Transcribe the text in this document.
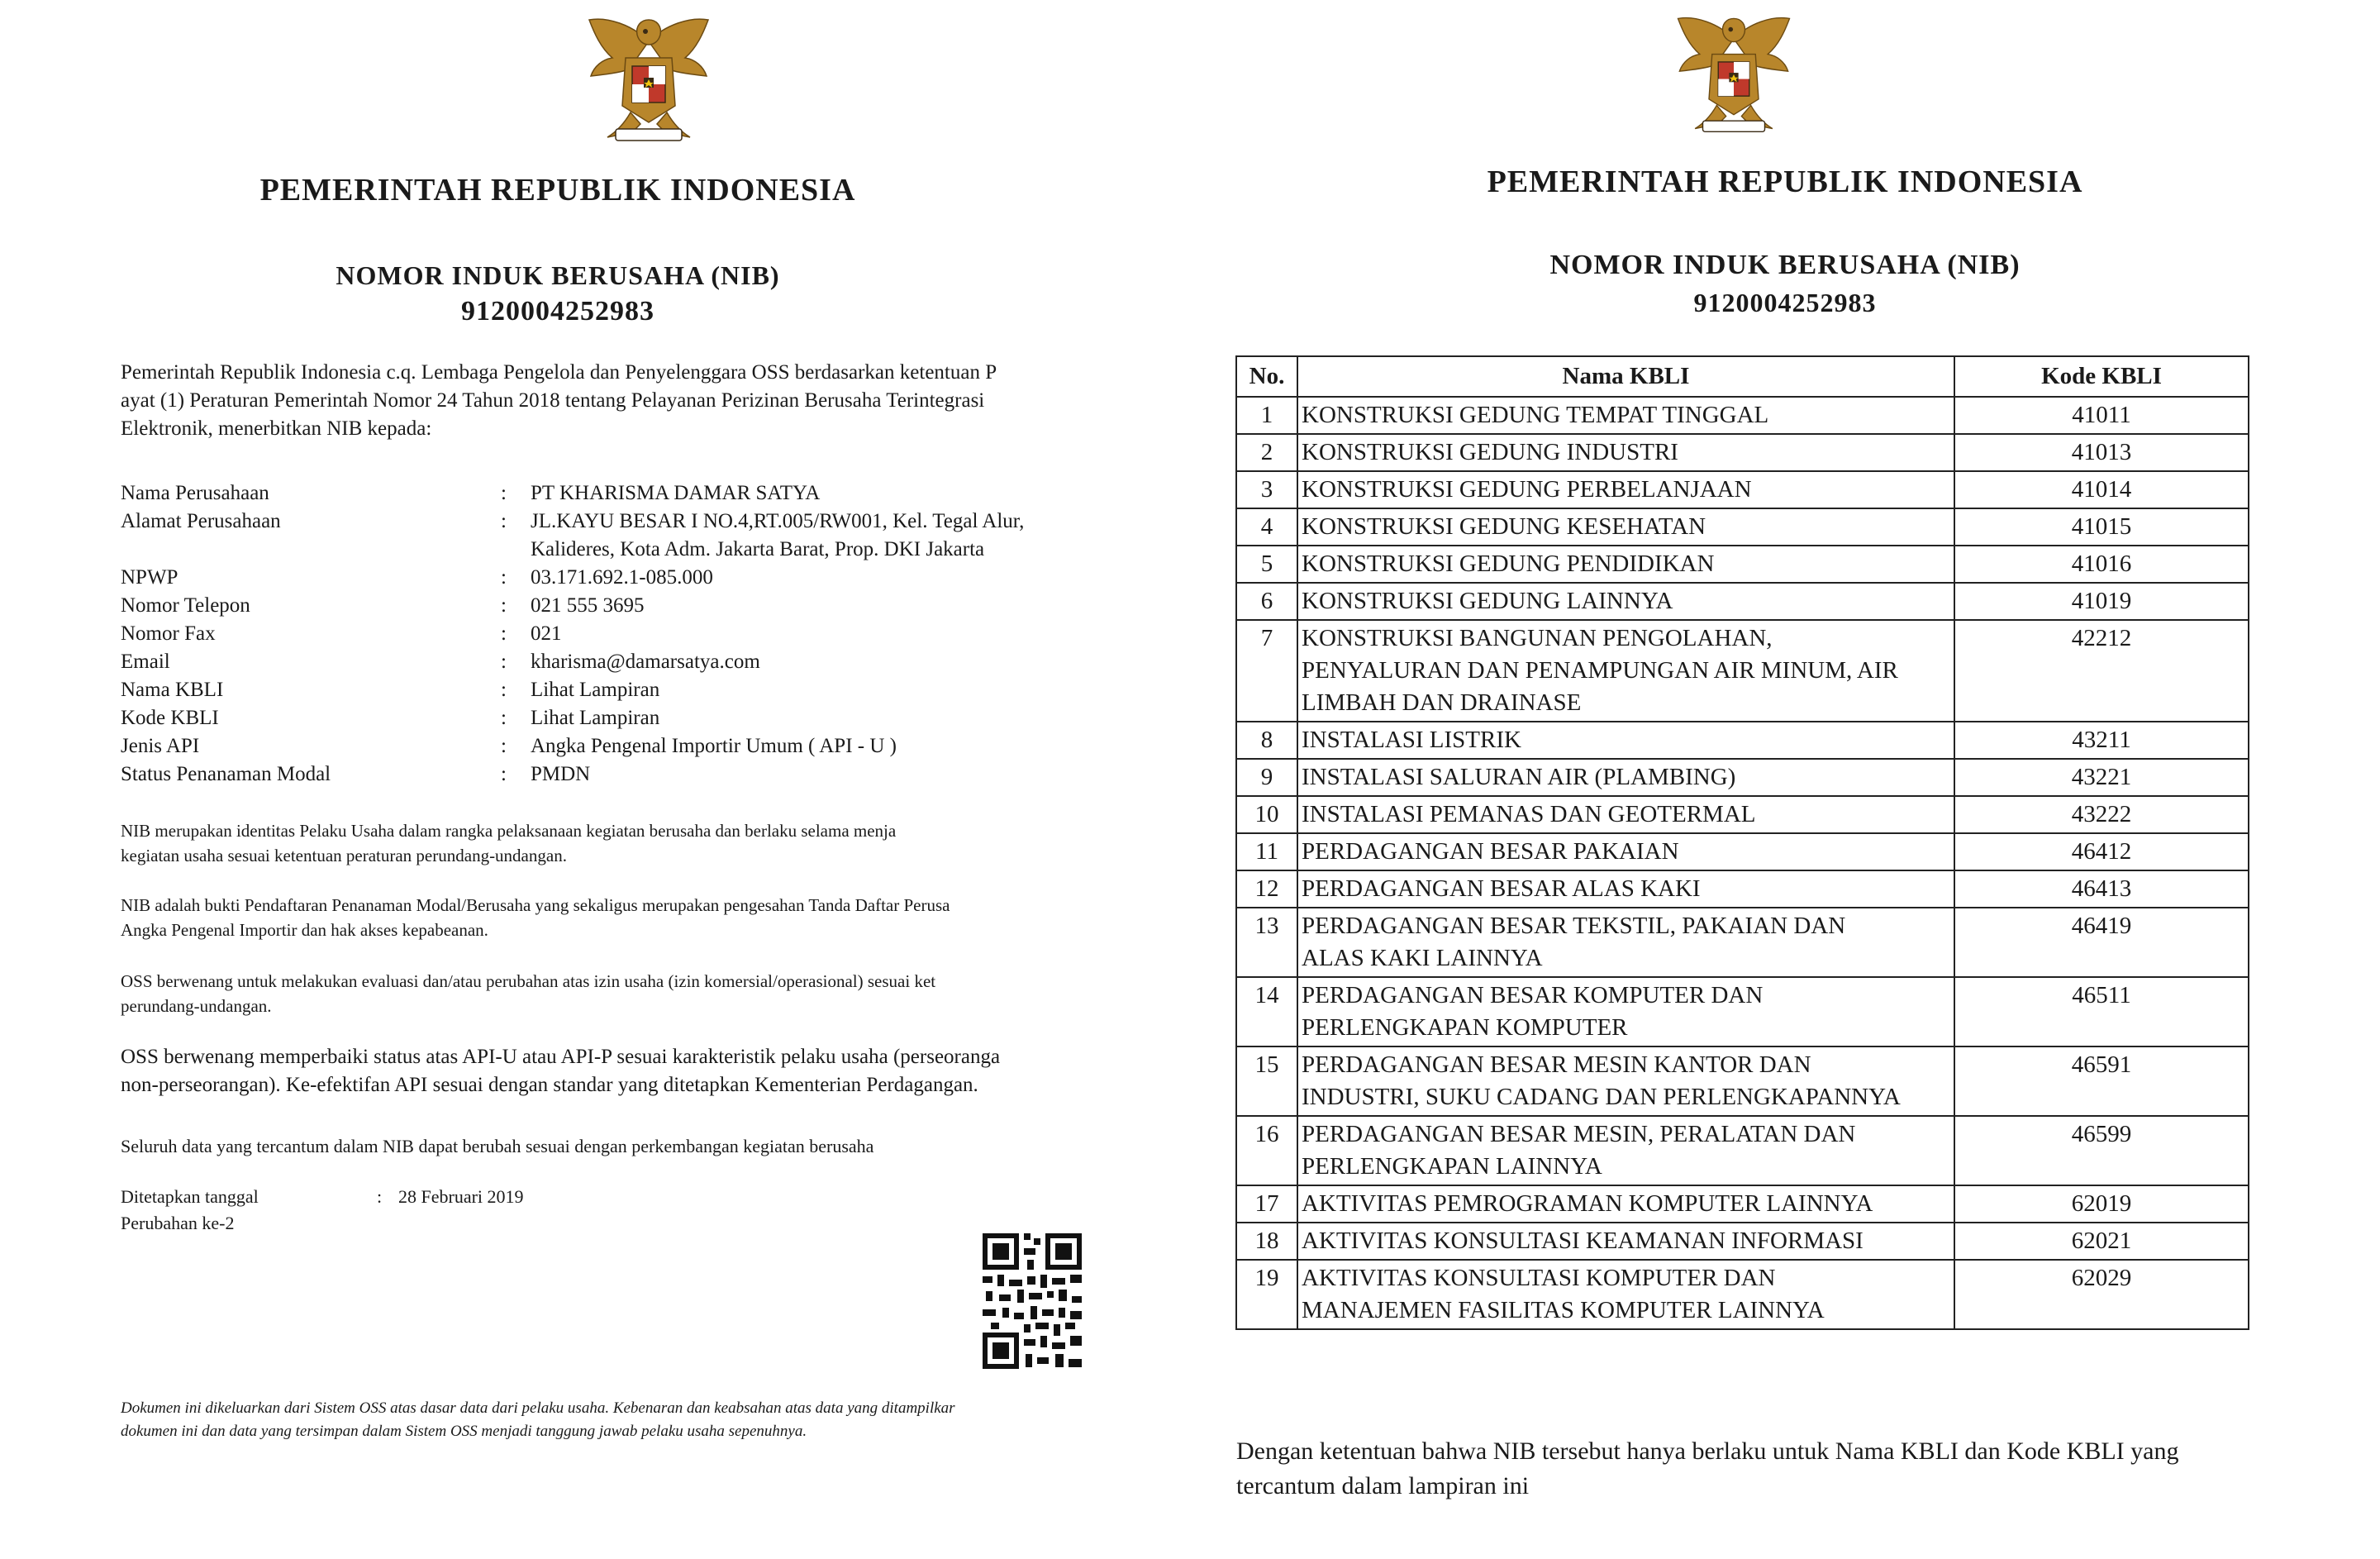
PEMERINTAH REPUBLIK INDONESIA
NOMOR INDUK BERUSAHA (NIB)
9120004252983

Pemerintah Republik Indonesia c.q. Lembaga Pengelola dan Penyelenggara OSS berdasarkan ketentuan P

ayat (1) Peraturan Pemerintah Nomor 24 Tahun 2018 tentang Pelayanan Perizinan Berusaha Terintegrasi

Elektronik, menerbitkan NIB kepada:

Nama Perusahaan	:	PT KHARISMA DAMAR SATYA
Alamat Perusahaan	:	JL.KAYU BESAR I NO.4,RT.005/RW001, Kel. Tegal Alur,
Kalideres, Kota Adm. Jakarta Barat, Prop. DKI Jakarta
NPWP	:	03.171.692.1-085.000
Nomor Telepon	:	021 555 3695
Nomor Fax	:	021
Email	:	kharisma@damarsatya.com
Nama KBLI	:	Lihat Lampiran
Kode KBLI	:	Lihat Lampiran
Jenis API	:	Angka Pengenal Importir Umum ( API - U )
Status Penanaman Modal	:	PMDN

NIB merupakan identitas Pelaku Usaha dalam rangka pelaksanaan kegiatan berusaha dan berlaku selama menja

kegiatan usaha sesuai ketentuan peraturan perundang-undangan.

NIB adalah bukti Pendaftaran Penanaman Modal/Berusaha yang sekaligus merupakan pengesahan Tanda Daftar Perusa

Angka Pengenal Importir dan hak akses kepabeanan.

OSS berwenang untuk melakukan evaluasi dan/atau perubahan atas izin usaha (izin komersial/operasional) sesuai ket

perundang-undangan.

OSS berwenang memperbaiki status atas API-U atau API-P sesuai karakteristik pelaku usaha (perseoranga

non-perseorangan). Ke-efektifan API sesuai dengan standar yang ditetapkan Kementerian Perdagangan.

Seluruh data yang tercantum dalam NIB dapat berubah sesuai dengan perkembangan kegiatan berusaha

Ditetapkan tanggal	: 28 Februari 2019
Perubahan ke-2

Dokumen ini dikeluarkan dari Sistem OSS atas dasar data dari pelaku usaha. Kebenaran dan keabsahan atas data yang ditampilkar

dokumen ini dan data yang tersimpan dalam Sistem OSS menjadi tanggung jawab pelaku usaha sepenuhnya.

PEMERINTAH REPUBLIK INDONESIA
NOMOR INDUK BERUSAHA (NIB)
9120004252983
No.	Nama KBLI	Kode KBLI
1	KONSTRUKSI GEDUNG TEMPAT TINGGAL	41011
2	KONSTRUKSI GEDUNG INDUSTRI	41013
3	KONSTRUKSI GEDUNG PERBELANJAAN	41014
4	KONSTRUKSI GEDUNG KESEHATAN	41015
5	KONSTRUKSI GEDUNG PENDIDIKAN	41016
6	KONSTRUKSI GEDUNG LAINNYA	41019
7	KONSTRUKSI BANGUNAN PENGOLAHAN,
PENYALURAN DAN PENAMPUNGAN AIR MINUM, AIR
LIMBAH DAN DRAINASE	42212
8	INSTALASI LISTRIK	43211
9	INSTALASI SALURAN AIR (PLAMBING)	43221
10	INSTALASI PEMANAS DAN GEOTERMAL	43222
11	PERDAGANGAN BESAR PAKAIAN	46412
12	PERDAGANGAN BESAR ALAS KAKI	46413
13	PERDAGANGAN BESAR TEKSTIL, PAKAIAN DAN
ALAS KAKI LAINNYA	46419
14	PERDAGANGAN BESAR KOMPUTER DAN
PERLENGKAPAN KOMPUTER	46511
15	PERDAGANGAN BESAR MESIN KANTOR DAN
INDUSTRI, SUKU CADANG DAN PERLENGKAPANNYA	46591
16	PERDAGANGAN BESAR MESIN, PERALATAN DAN
PERLENGKAPAN LAINNYA	46599
17	AKTIVITAS PEMROGRAMAN KOMPUTER LAINNYA	62019
18	AKTIVITAS KONSULTASI KEAMANAN INFORMASI	62021
19	AKTIVITAS KONSULTASI KOMPUTER DAN
MANAJEMEN FASILITAS KOMPUTER LAINNYA	62029
Dengan ketentuan bahwa NIB tersebut hanya berlaku untuk Nama KBLI dan Kode KBLI yang
tercantum dalam lampiran ini
